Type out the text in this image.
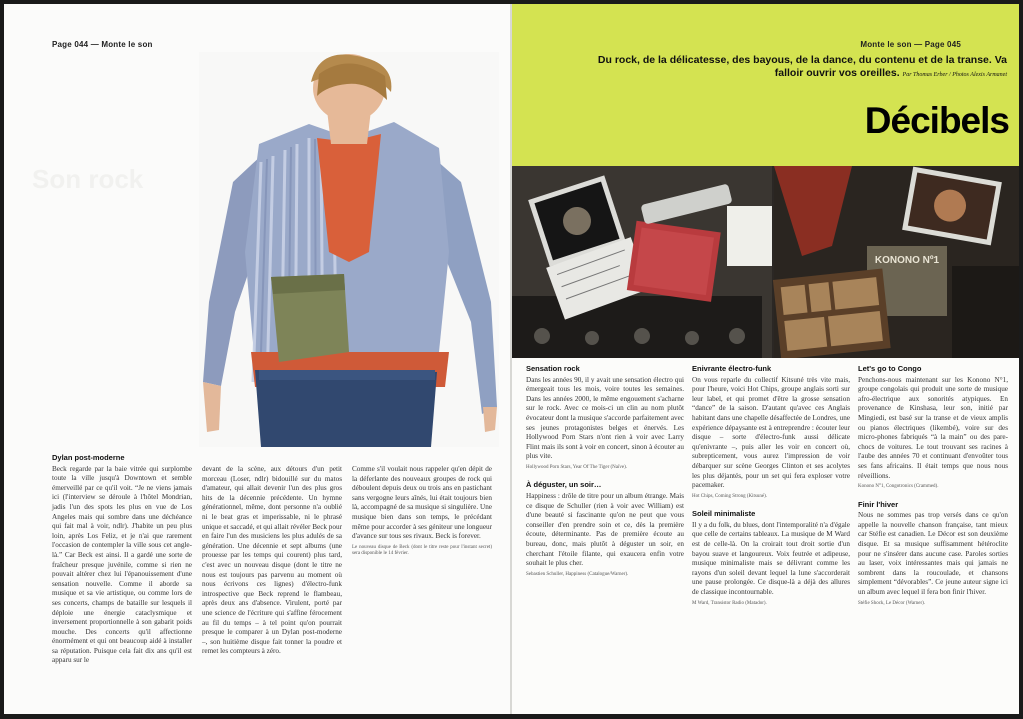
Page 044 — Monte le son
Son rock
Dylan post-moderne

Beck regarde par la baie vitrée qui surplombe toute la ville jusqu'à Downtown et semble émerveillé par ce qu'il voit. “Je ne viens jamais ici (l'interview se déroule à l'hôtel Mondrian, jadis l'un des spots les plus en vue de Los Angeles mais qui sombre dans une déchéance qui fait mal à voir, ndlr). J'habite un peu plus loin, après Los Feliz, et je n'ai que rarement l'occasion de contempler la ville sous cet angle-là.” Car Beck est ainsi. Il a gardé une sorte de fraîcheur presque juvénile, comme si rien ne pouvait altérer chez lui l'épanouissement d'une sensation nouvelle. Comme il aborde sa musique et sa vie artistique, ou comme lors de ses concerts, champs de bataille sur lesquels il déploie une énergie cataclysmique et inversement proportionnelle à son gabarit poids mouche. Des concerts qu'il affectionne énormément et qui ont beaucoup aidé à installer sa réputation. Puisque cela fait dix ans qu'il est apparu sur le

devant de la scène, aux détours d'un petit morceau (Loser, ndlr) bidouillé sur du matos d'amateur, qui allait devenir l'un des plus gros hits de la décennie précédente. Un hymne générationnel, même, dont personne n'a oublié ni le beat gras et imperissable, ni le phrasé unique et saccadé, et qui allait révéler Beck pour en faire l'un des musiciens les plus adulés de sa génération. Une décennie et sept albums (une prouesse par les temps qui courent) plus tard, c'est avec un nouveau disque (dont le titre ne nous est toujours pas parvenu au moment où nous écrivons ces lignes) d'électro-funk introspective que Beck reprend le flambeau, après deux ans d'absence. Virulent, porté par une science de l'écriture qui s'affine férocement au fil du temps – à tel point qu'on pourrait presque le comparer à un Dylan post-moderne –, son huitième disque fait tonner la poudre et remet les compteurs à zéro.

Comme s'il voulait nous rappeler qu'en dépit de la déferlante des nouveaux groupes de rock qui déboulent depuis deux ou trois ans en pastichant sans vergogne leurs aînés, lui était toujours bien là, accompagné de sa musique si singulière. Une musique bien dans son temps, le précédant même pour accorder à ses géniteur une longueur d'avance sur tous ses rivaux. Beck is forever.

Le nouveau disque de Beck (dont le titre reste pour l'instant secret) sera disponible le 14 février.
Monte le son — Page 045
Du rock, de la délicatesse, des bayous, de la dance, du contenu et de la transe. Va falloir ouvrir vos oreilles. Par Thomas Erber / Photos Alexis Armanet
Décibels
KONONO Nº1
Sensation rock

Dans les années 90, il y avait une sensation électro qui émergeait tous les mois, voire toutes les semaines. Dans les années 2000, le même engouement s'acharne sur le rock. Avec ce mois-ci un clin au nom plutôt évocateur dont la musique s'accorde parfaitement avec ses jeunes protagonistes belges et énervés. Les Hollywood Porn Stars n'ont rien à voir avec Larry Flint mais ils sont à voir en concert, sinon à écouter au plus vite.

Hollywood Porn Stars, Year Of The Tiger (Naïve).
À déguster, un soir…

Happiness : drôle de titre pour un album étrange. Mais ce disque de Schuller (rien à voir avec William) est d'une beauté si fascinante qu'on ne peut que vous conseiller d'en prendre soin et ce, dès la première écoute, déterminante. Pas de première écoute au bureau, donc, mais plutôt à déguster un soir, en cherchant l'étoile filante, qui exaucera enfin votre souhait le plus cher.

Sebastien Schuller, Happiness (Catalogue/Warner).
Enivrante électro-funk

On vous reparle du collectif Kitsuné très vite mais, pour l'heure, voici Hot Chips, groupe anglais sorti sur leur label, et qui promet d'être la grosse sensation “dance” de la saison. D'autant qu'avec ces Anglais habitant dans une chapelle désaffectée de Londres, une expérience dépaysante est à entreprendre : écouter leur disque – sorte d'électro-funk aussi délicate qu'enivrante –, puis aller les voir en concert où, subrepticement, vous aurez l'impression de voir débarquer sur scène Georges Clinton et ses acolytes les plus déjantés, pour un set qui fera exploser votre pacemaker.

Hot Chips, Coming Strong (Kitsuné).
Soleil minimaliste

Il y a du folk, du blues, dont l'intemporalité n'a d'égale que celle de certains tableaux. La musique de M Ward est de celle-là. On la croirait tout droit sortie d'un bayou suave et langoureux. Voix feutrée et adipeuse, musique minimaliste mais se délivrant comme les rayons d'un soleil devant lequel la lune s'accorderait une pause prolongée. Ce disque-là a déjà des allures de classique incontournable.

M Ward, Transistor Radio (Matador).
Let's go to Congo

Penchons-nous maintenant sur les Konono N°1, groupe congolais qui produit une sorte de musique afro-électrique aux sonorités atypiques. En provenance de Kinshasa, leur son, initié par Mingiedi, est basé sur la transe et de vieux amplis ou pianos électriques (likembé), voire sur des micro-phones fabriqués “à la main” ou des pare-chocs de voitures. Le tout trouvant ses racines à l'aube des années 70 et continuant d'envoûter tous ses fans africains. Il était temps que nous nous réveillions.

Konono N°1, Congotronics (Crammed).
Finir l'hiver

Nous ne sommes pas trop versés dans ce qu'on appelle la nouvelle chanson française, tant mieux car Stéfie est canadien. Le Décor est son deuxième disque. Et sa musique suffisamment hétéroclite pour ne s'insérer dans aucune case. Paroles sorties au laser, voix intéressantes mais qui jamais ne sombrent dans la roucoulade, et chansons simplement “dévorables”. Ce jeune auteur signe ici un album avec lequel il fera bon finir l'hiver.

Stéfie Shock, Le Décor (Warner).
